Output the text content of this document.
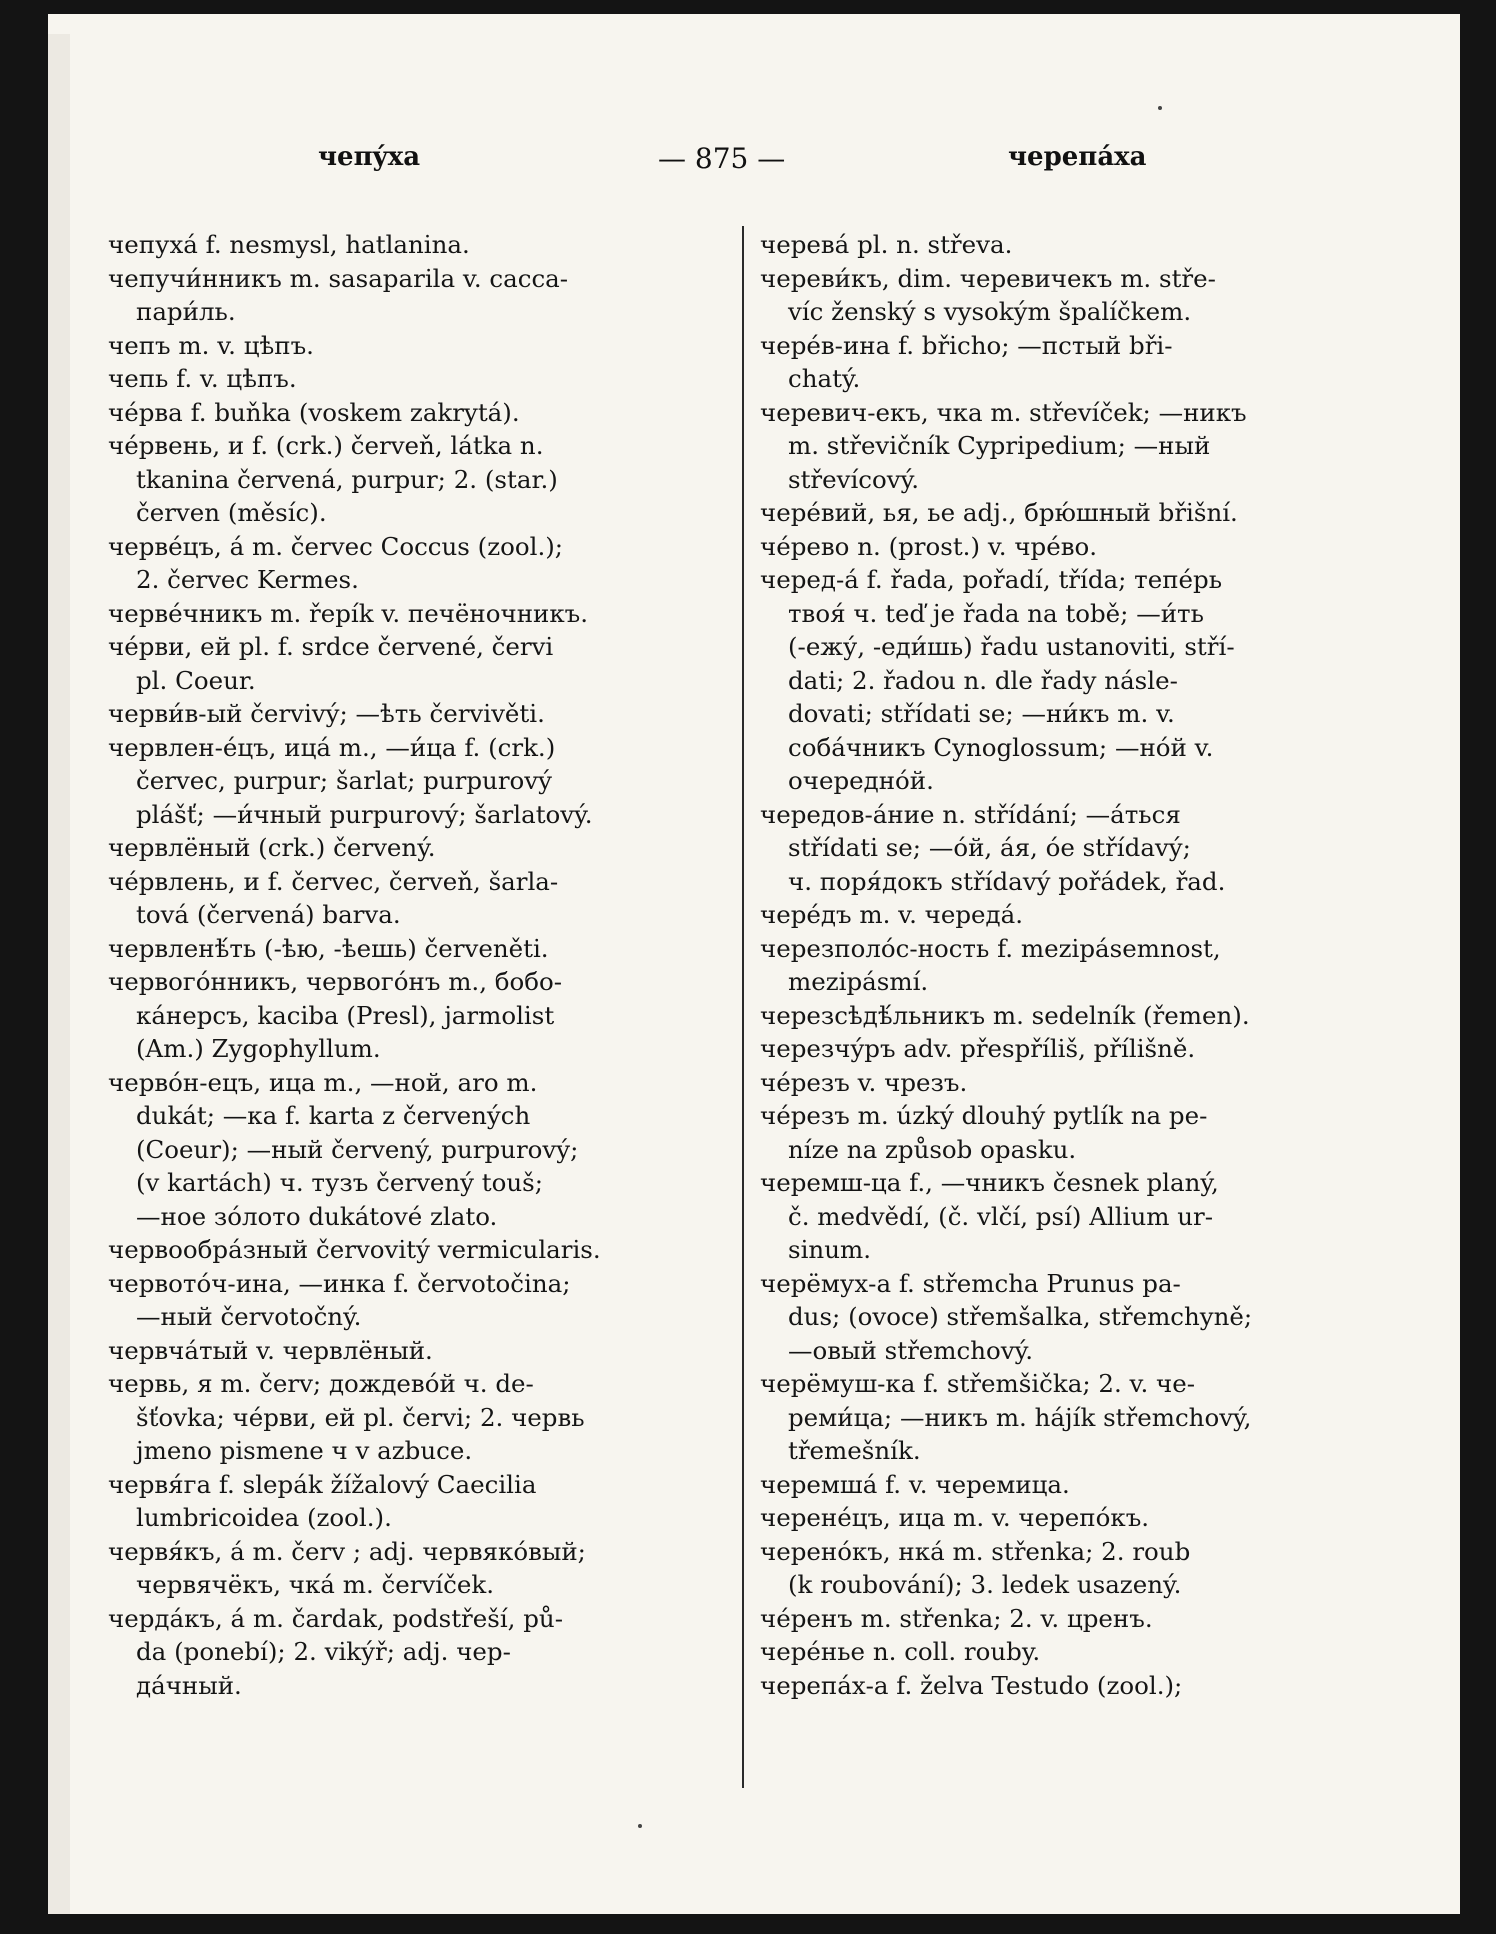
чепýха	— 875 —	черепáха
чепухá f. nesmysl, hatlanina.
чепучи́нникъ m. sasaparila v. сасса-
пари́ль.
чепъ m. v. цѣпъ.
чепь f. v. цѣпъ.
чéрва f. buňka (voskem zakrytá).
чéрвень, и f. (crk.) červeň, látka n.
tkanina červená, purpur; 2. (star.)
červen (měsíc).
червéцъ, á m. červec Coccus (zool.);
2. červec Kermes.
червéчникъ m. řepík v. печёночникъ.
чéрви, ей pl. f. srdce červené, červi
pl. Coeur.
черви́в-ый červivý; —ѣть červivěti.
червлен-éцъ, ицá m., —и́ца f. (crk.)
červec, purpur; šarlat; purpurový
plášť; —и́чный purpurový; šarlatový.
червлёный (crk.) červený.
чéрвлень, и f. červec, červeň, šarla-
tová (červená) barva.
червленѣ́ть (-ѣю, -ѣешь) červeněti.
червогóнникъ, червогóнъ m., бобо-
кáнерсъ, kaciba (Presl), jarmolist
(Am.) Zygophyllum.
червóн-ецъ, ица m., —ной, aro m.
dukát; —ка f. karta z červených
(Coeur); —ный červený, purpurový;
(v kartách) ч. тузъ červený touš;
—ное зóлото dukátové zlato.
червообрáзный červovitý vermicularis.
червотóч-ина, —инка f. červotočina;
—ный červotočný.
червчáтый v. червлёный.
червь, я m. červ; дождевóй ч. de-
šťovka; чéрви, ей pl. červi; 2. червь
jmeno pismene ч v azbuce.
червя́га f. slepák žížalový Caecilia
lumbricoidea (zool.).
червя́къ, á m. červ ; adj. червякóвый;
червячёкъ, чкá m. červíček.
чердáкъ, á m. čardak, podstřeší, pů-
da (ponebí); 2. vikýř; adj. чер-
дáчный.
черевá pl. n. střeva.
череви́къ, dim. черевичекъ m. stře-
víc ženský s vysokým špalíčkem.
черéв-ина f. břicho; —пстый bři-
chatý.
черевич-екъ, чка m. střevíček; —никъ
m. střevičník Cypripedium; —ный
střevícový.
черéвий, ья, ье adj., брю́шный břišní.
чéрево n. (prost.) v. чрéво.
черед-á f. řada, pořadí, třída; тепéрь
твоя́ ч. teď je řada na tobě; —и́ть
(-ежу́, -еди́шь) řadu ustanoviti, stří-
dati; 2. řadou n. dle řady násle-
dovati; střídati se; —ни́къ m. v.
собáчникъ Cynoglossum; —нóй v.
очереднóй.
чередов-áние n. střídání; —áться
střídati se; —óй, áя, óе střídavý;
ч. поря́докъ střídavý pořádek, řad.
черéдъ m. v. чередá.
черезполóс-ность f. mezipásemnost,
mezipásmí.
черезсѣдѣ́льникъ m. sedelník (řemen).
черезчýръ adv. přespříliš, přílišně.
чéрезъ v. чрезъ.
чéрезъ m. úzký dlouhý pytlík na pe-
níze na způsob opasku.
черемш-ца f., —чникъ česnek planý,
č. medvědí, (č. vlčí, psí) Allium ur-
sinum.
черёмух-а f. střemcha Prunus pa-
dus; (ovoce) střemšalka, střemchyně;
—овый střemchový.
черёмуш-ка f. střemšička; 2. v. че-
реми́ца; —никъ m. hájík střemchový,
třemešník.
черемшá f. v. черемица.
черенéцъ, ица m. v. черепóкъ.
черенóкъ, нкá m. střenka; 2. roub
(k roubování); 3. ledek usazený.
чéренъ m. střenka; 2. v. цренъ.
черéнье n. coll. rouby.
черепáх-а f. želva Testudo (zool.);
